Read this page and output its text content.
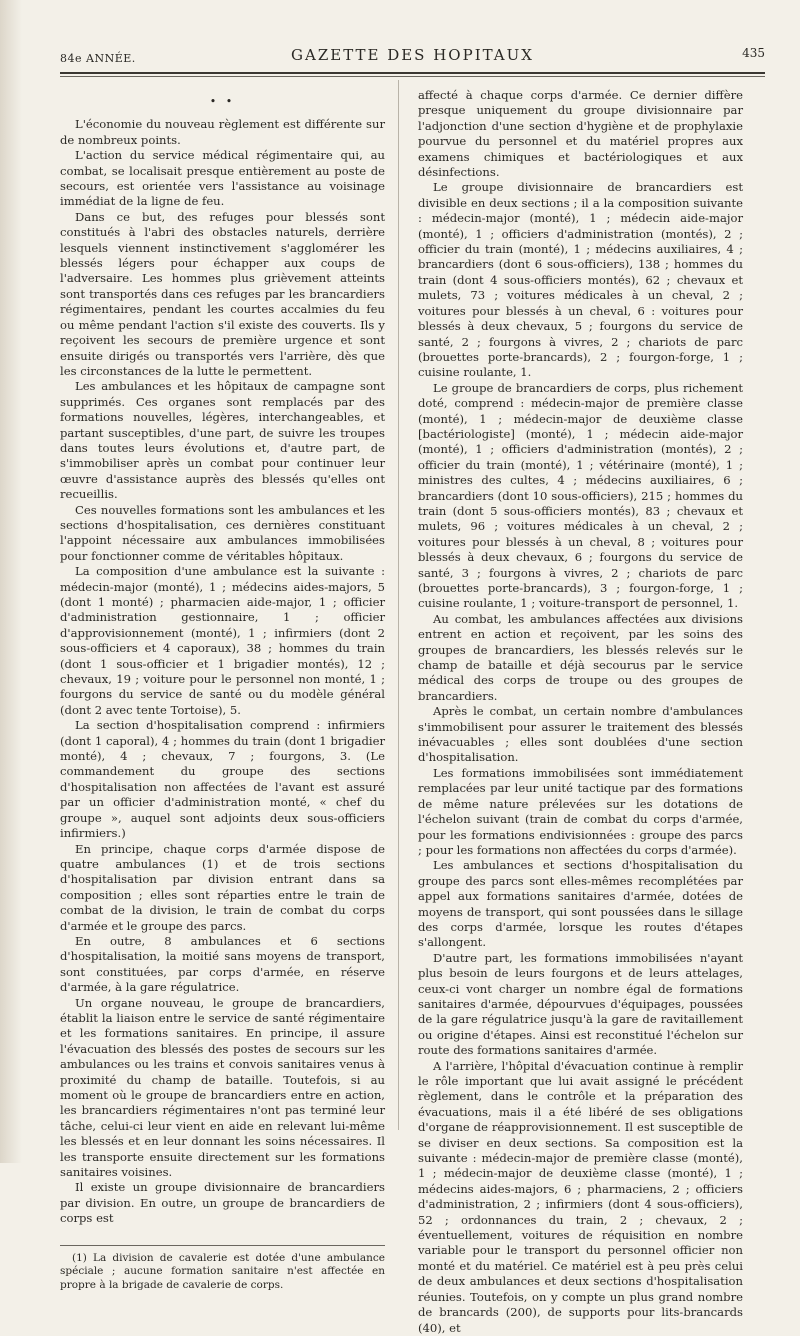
84e ANNÉE.	GAZETTE DES HOPITAUX	435
• •

L'économie du nouveau règlement est différente sur de nombreux points.

L'action du service médical régimentaire qui, au combat, se localisait presque entièrement au poste de secours, est orientée vers l'assistance au voisinage immédiat de la ligne de feu.

Dans ce but, des refuges pour blessés sont constitués à l'abri des obstacles naturels, derrière lesquels viennent instinctivement s'agglomérer les blessés légers pour échapper aux coups de l'adversaire. Les hommes plus grièvement atteints sont transportés dans ces refuges par les brancardiers régimentaires, pendant les courtes accalmies du feu ou même pendant l'action s'il existe des couverts. Ils y reçoivent les secours de première urgence et sont ensuite dirigés ou transportés vers l'arrière, dès que les circonstances de la lutte le permettent.

Les ambulances et les hôpitaux de campagne sont supprimés. Ces organes sont remplacés par des formations nouvelles, légères, interchangeables, et partant susceptibles, d'une part, de suivre les troupes dans toutes leurs évolutions et, d'autre part, de s'immobiliser après un combat pour continuer leur œuvre d'assistance auprès des blessés qu'elles ont recueillis.

Ces nouvelles formations sont les ambulances et les sections d'hospitalisation, ces dernières constituant l'appoint nécessaire aux ambulances immobilisées pour fonctionner comme de véritables hôpitaux.

La composition d'une ambulance est la suivante : médecin-major (monté), 1 ; médecins aides-majors, 5 (dont 1 monté) ; pharmacien aide-major, 1 ; officier d'administration gestionnaire, 1 ; officier d'approvisionnement (monté), 1 ; infirmiers (dont 2 sous-officiers et 4 caporaux), 38 ; hommes du train (dont 1 sous-officier et 1 brigadier montés), 12 ; chevaux, 19 ; voiture pour le personnel non monté, 1 ; fourgons du service de santé ou du modèle général (dont 2 avec tente Tortoise), 5.

La section d'hospitalisation comprend : infirmiers (dont 1 caporal), 4 ; hommes du train (dont 1 brigadier monté), 4 ; chevaux, 7 ; fourgons, 3. (Le commandement du groupe des sections d'hospitalisation non affectées de l'avant est assuré par un officier d'administration monté, « chef du groupe », auquel sont adjoints deux sous-officiers infirmiers.)

En principe, chaque corps d'armée dispose de quatre ambulances (1) et de trois sections d'hospitalisation par division entrant dans sa composition ; elles sont réparties entre le train de combat de la division, le train de combat du corps d'armée et le groupe des parcs.

En outre, 8 ambulances et 6 sections d'hospitalisation, la moitié sans moyens de transport, sont constituées, par corps d'armée, en réserve d'armée, à la gare régulatrice.

Un organe nouveau, le groupe de brancardiers, établit la liaison entre le service de santé régimentaire et les formations sanitaires. En principe, il assure l'évacuation des blessés des postes de secours sur les ambulances ou les trains et convois sanitaires venus à proximité du champ de bataille. Toutefois, si au moment où le groupe de brancardiers entre en action, les brancardiers régimentaires n'ont pas terminé leur tâche, celui-ci leur vient en aide en relevant lui-même les blessés et en leur donnant les soins nécessaires. Il les transporte ensuite directement sur les formations sanitaires voisines.

Il existe un groupe divisionnaire de brancardiers par division. En outre, un groupe de brancardiers de corps est

(1) La division de cavalerie est dotée d'une ambulance spéciale ; aucune formation sanitaire n'est affectée en propre à la brigade de cavalerie de corps.

affecté à chaque corps d'armée. Ce dernier diffère presque uniquement du groupe divisionnaire par l'adjonction d'une section d'hygiène et de prophylaxie pourvue du personnel et du matériel propres aux examens chimiques et bactériologiques et aux désinfections.

Le groupe divisionnaire de brancardiers est divisible en deux sections ; il a la composition suivante : médecin-major (monté), 1 ; médecin aide-major (monté), 1 ; officiers d'administration (montés), 2 ; officier du train (monté), 1 ; médecins auxiliaires, 4 ; brancardiers (dont 6 sous-officiers), 138 ; hommes du train (dont 4 sous-officiers montés), 62 ; chevaux et mulets, 73 ; voitures médicales à un cheval, 2 ; voitures pour blessés à un cheval, 6 : voitures pour blessés à deux chevaux, 5 ; fourgons du service de santé, 2 ; fourgons à vivres, 2 ; chariots de parc (brouettes porte-brancards), 2 ; fourgon-forge, 1 ; cuisine roulante, 1.

Le groupe de brancardiers de corps, plus richement doté, comprend : médecin-major de première classe (monté), 1 ; médecin-major de deuxième classe [bactériologiste] (monté), 1 ; médecin aide-major (monté), 1 ; officiers d'administration (montés), 2 ; officier du train (monté), 1 ; vétérinaire (monté), 1 ; ministres des cultes, 4 ; médecins auxiliaires, 6 ; brancardiers (dont 10 sous-officiers), 215 ; hommes du train (dont 5 sous-officiers montés), 83 ; chevaux et mulets, 96 ; voitures médicales à un cheval, 2 ; voitures pour blessés à un cheval, 8 ; voitures pour blessés à deux chevaux, 6 ; fourgons du service de santé, 3 ; fourgons à vivres, 2 ; chariots de parc (brouettes porte-brancards), 3 ; fourgon-forge, 1 ; cuisine roulante, 1 ; voiture-transport de personnel, 1.

Au combat, les ambulances affectées aux divisions entrent en action et reçoivent, par les soins des groupes de brancardiers, les blessés relevés sur le champ de bataille et déjà secourus par le service médical des corps de troupe ou des groupes de brancardiers.

Après le combat, un certain nombre d'ambulances s'immobilisent pour assurer le traitement des blessés inévacuables ; elles sont doublées d'une section d'hospitalisation.

Les formations immobilisées sont immédiatement remplacées par leur unité tactique par des formations de même nature prélevées sur les dotations de l'échelon suivant (train de combat du corps d'armée, pour les formations endivisionnées : groupe des parcs ; pour les formations non affectées du corps d'armée).

Les ambulances et sections d'hospitalisation du groupe des parcs sont elles-mêmes recomplétées par appel aux formations sanitaires d'armée, dotées de moyens de transport, qui sont poussées dans le sillage des corps d'armée, lorsque les routes d'étapes s'allongent.

D'autre part, les formations immobilisées n'ayant plus besoin de leurs fourgons et de leurs attelages, ceux-ci vont charger un nombre égal de formations sanitaires d'armée, dépourvues d'équipages, poussées de la gare régulatrice jusqu'à la gare de ravitaillement ou origine d'étapes. Ainsi est reconstitué l'échelon sur route des formations sanitaires d'armée.

A l'arrière, l'hôpital d'évacuation continue à remplir le rôle important que lui avait assigné le précédent règlement, dans le contrôle et la préparation des évacuations, mais il a été libéré de ses obligations d'organe de réapprovisionnement. Il est susceptible de se diviser en deux sections. Sa composition est la suivante : médecin-major de première classe (monté), 1 ; médecin-major de deuxième classe (monté), 1 ; médecins aides-majors, 6 ; pharmaciens, 2 ; officiers d'administration, 2 ; infirmiers (dont 4 sous-officiers), 52 ; ordonnances du train, 2 ; chevaux, 2 ; éventuellement, voitures de réquisition en nombre variable pour le transport du personnel officier non monté et du matériel. Ce matériel est à peu près celui de deux ambulances et deux sections d'hospitalisation réunies. Toutefois, on y compte un plus grand nombre de brancards (200), de supports pour lits-brancards (40), et
